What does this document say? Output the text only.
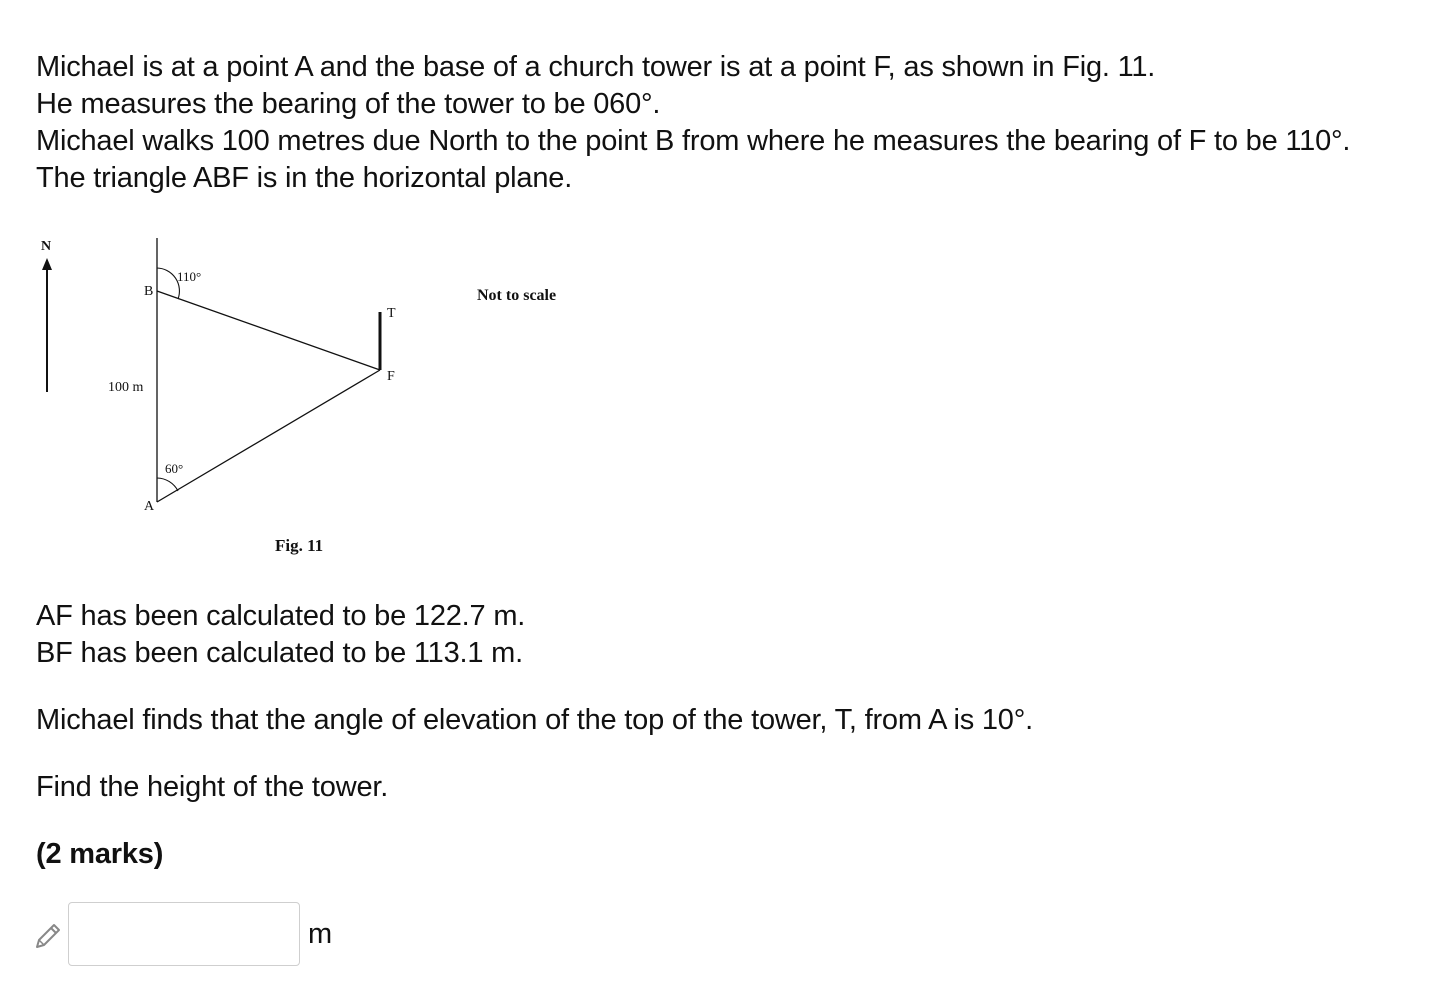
Michael is at a point A and the base of a church tower is at a point F, as shown in Fig. 11.
He measures the bearing of the tower to be 060°.
Michael walks 100 metres due North to the point B from where he measures the bearing of F to be 110°.
The triangle ABF is in the horizontal plane.
N
B
A
T
F
110°
60°
100 m
Not to scale
Fig. 11
AF has been calculated to be 122.7 m.
BF has been calculated to be 113.1 m.
Michael finds that the angle of elevation of the top of the tower, T, from A is 10°.
Find the height of the tower.
(2 marks)
m
